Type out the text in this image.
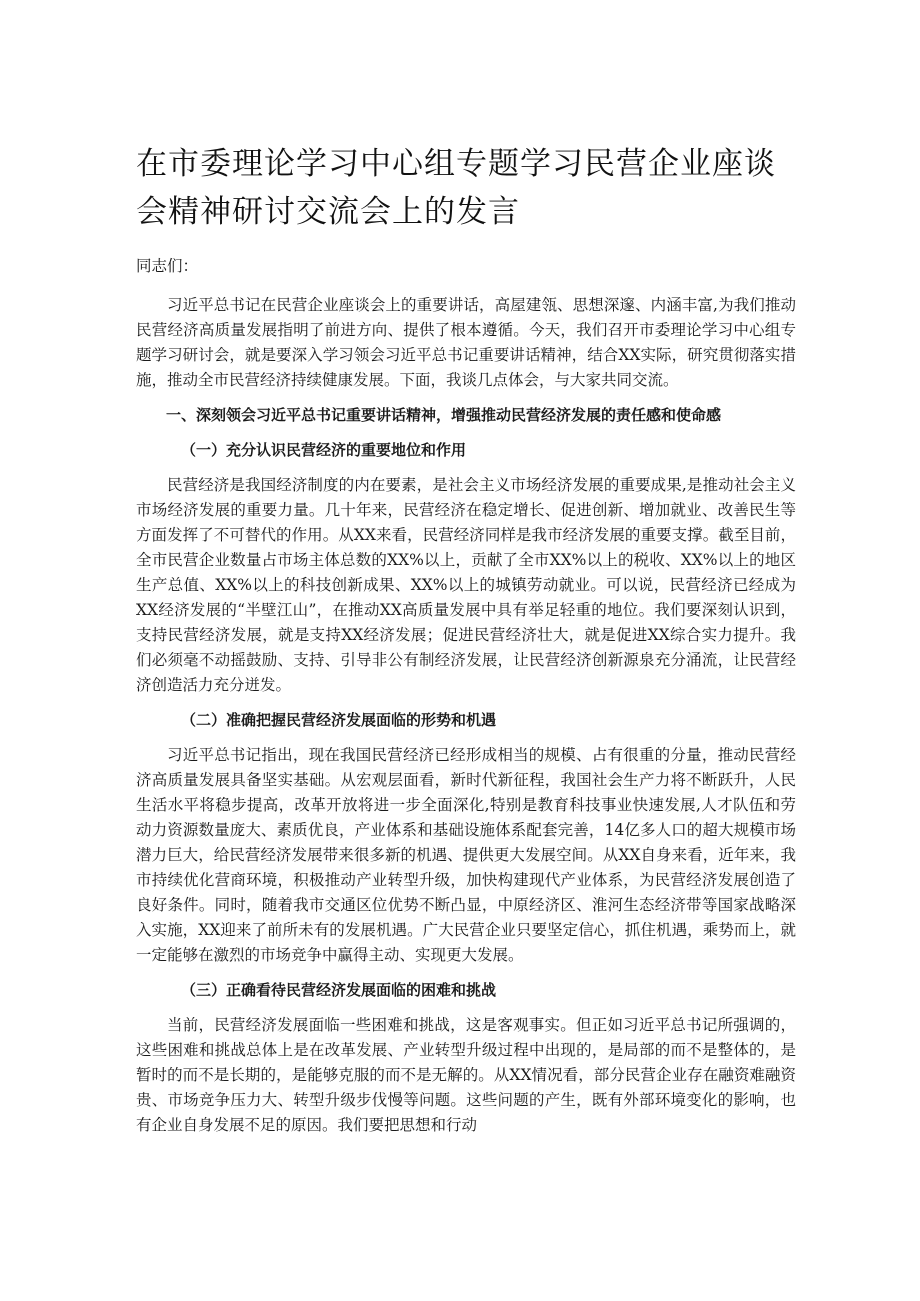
在市委理论学习中心组专题学习民营企业座谈会精神研讨交流会上的发言

同志们：

习近平总书记在民营企业座谈会上的重要讲话，高屋建瓴、思想深邃、内涵丰富,为我们推动民营经济高质量发展指明了前进方向、提供了根本遵循。今天，我们召开市委理论学习中心组专题学习研讨会，就是要深入学习领会习近平总书记重要讲话精神，结合XX实际，研究贯彻落实措施，推动全市民营经济持续健康发展。下面，我谈几点体会，与大家共同交流。

一、深刻领会习近平总书记重要讲话精神，增强推动民营经济发展的责任感和使命感

（一）充分认识民营经济的重要地位和作用

民营经济是我国经济制度的内在要素，是社会主义市场经济发展的重要成果,是推动社会主义市场经济发展的重要力量。几十年来，民营经济在稳定增长、促进创新、增加就业、改善民生等方面发挥了不可替代的作用。从XX来看，民营经济同样是我市经济发展的重要支撑。截至目前，全市民营企业数量占市场主体总数的XX%以上，贡献了全市XX%以上的税收、XX%以上的地区生产总值、XX%以上的科技创新成果、XX%以上的城镇劳动就业。可以说，民营经济已经成为XX经济发展的“半壁江山”，在推动XX高质量发展中具有举足轻重的地位。我们要深刻认识到，支持民营经济发展，就是支持XX经济发展；促进民营经济壮大，就是促进XX综合实力提升。我们必须毫不动摇鼓励、支持、引导非公有制经济发展，让民营经济创新源泉充分涌流，让民营经济创造活力充分迸发。

（二）准确把握民营经济发展面临的形势和机遇

习近平总书记指出，现在我国民营经济已经形成相当的规模、占有很重的分量，推动民营经济高质量发展具备坚实基础。从宏观层面看，新时代新征程，我国社会生产力将不断跃升，人民生活水平将稳步提高，改革开放将进一步全面深化,特别是教育科技事业快速发展,人才队伍和劳动力资源数量庞大、素质优良，产业体系和基础设施体系配套完善，14亿多人口的超大规模市场潜力巨大，给民营经济发展带来很多新的机遇、提供更大发展空间。从XX自身来看，近年来，我市持续优化营商环境，积极推动产业转型升级，加快构建现代产业体系，为民营经济发展创造了良好条件。同时，随着我市交通区位优势不断凸显，中原经济区、淮河生态经济带等国家战略深入实施，XX迎来了前所未有的发展机遇。广大民营企业只要坚定信心，抓住机遇，乘势而上，就一定能够在激烈的市场竞争中赢得主动、实现更大发展。

（三）正确看待民营经济发展面临的困难和挑战

当前，民营经济发展面临一些困难和挑战，这是客观事实。但正如习近平总书记所强调的，这些困难和挑战总体上是在改革发展、产业转型升级过程中出现的，是局部的而不是整体的，是暂时的而不是长期的，是能够克服的而不是无解的。从XX情况看，部分民营企业存在融资难融资贵、市场竞争压力大、转型升级步伐慢等问题。这些问题的产生，既有外部环境变化的影响，也有企业自身发展不足的原因。我们要把思想和行动
